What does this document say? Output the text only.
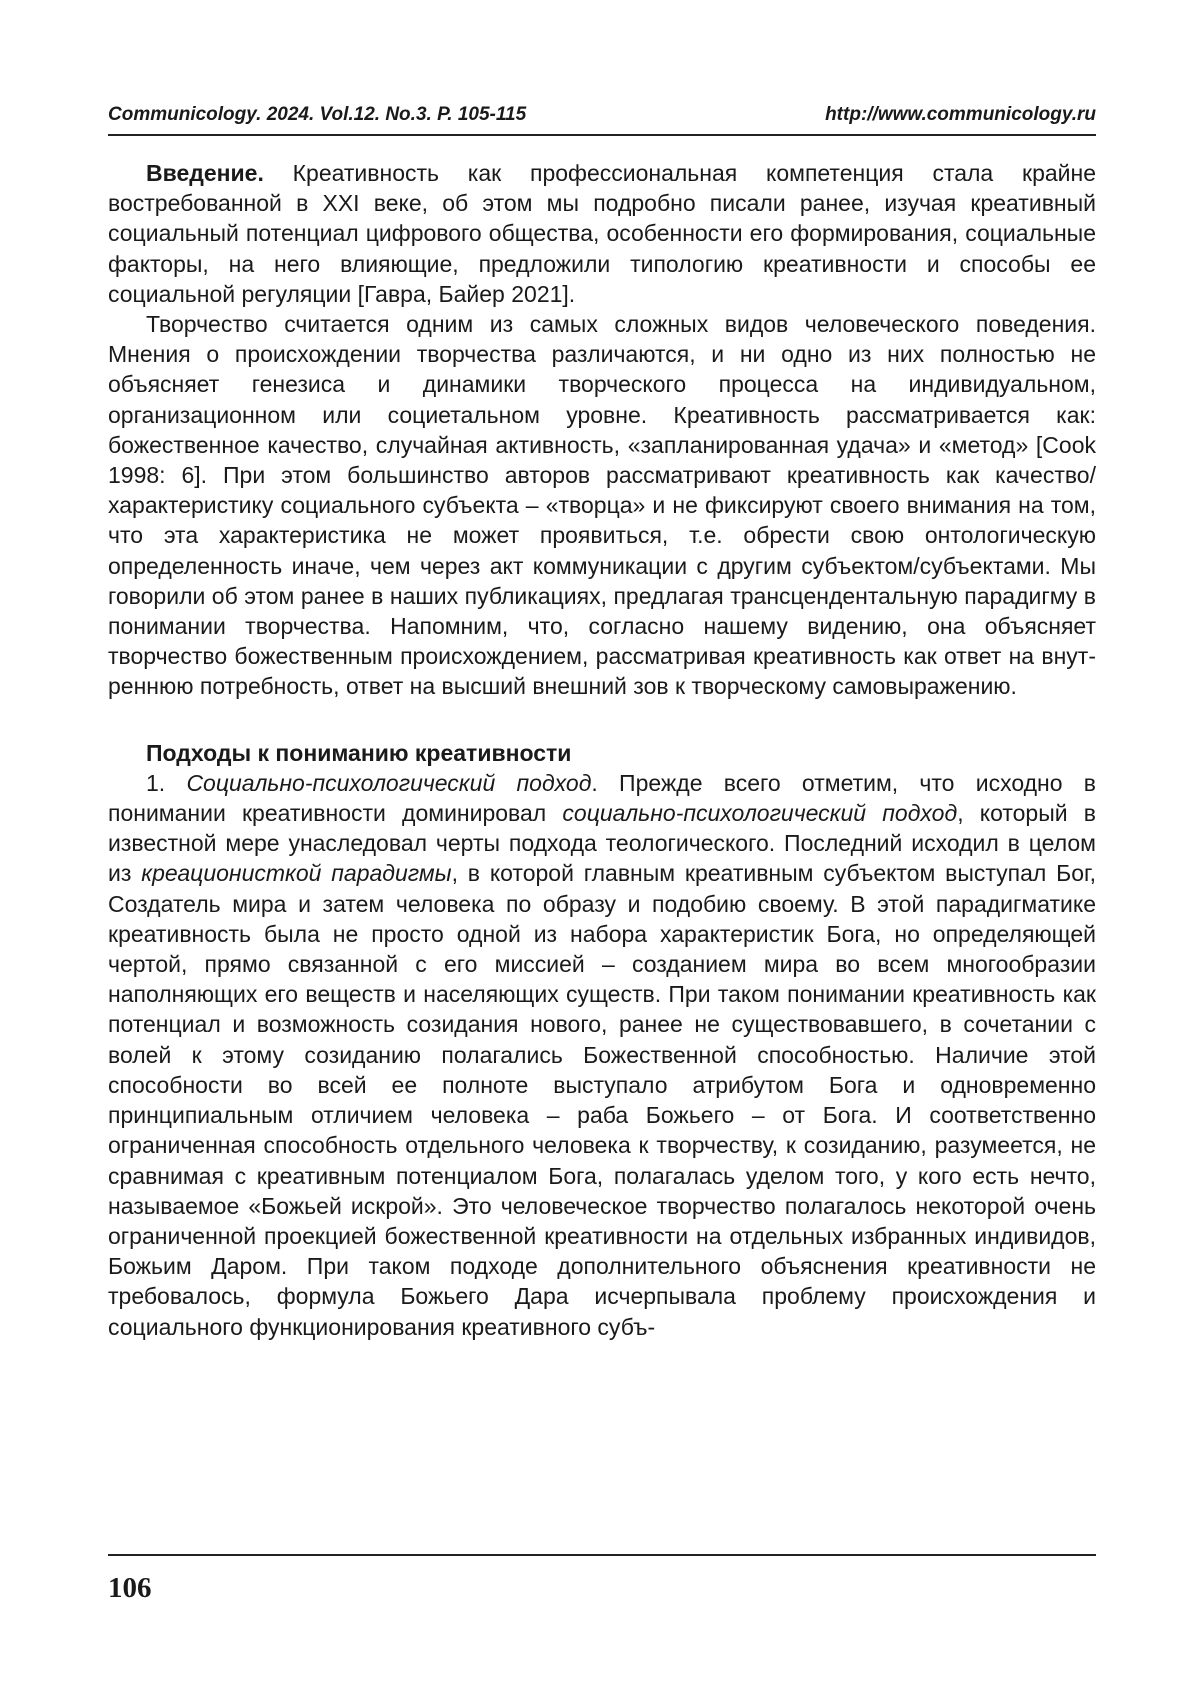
Communicology. 2024. Vol.12. No.3. P. 105-115	http://www.communicology.ru

Введение. Креативность как профессиональная компетенция стала крайне востребованной в XXI веке, об этом мы подробно писали ранее, изучая креативный социальный потенциал цифрового общества, особенности его формирования, социальные факторы, на него влияющие, предложили типологию креативности и способы ее социальной регуляции [Гавра, Байер 2021].

Творчество считается одним из самых сложных видов человеческого поведения. Мнения о происхождении творчества различаются, и ни одно из них полностью не объясняет генезиса и динамики творческого процесса на индивидуальном, организационном или социетальном уровне. Креативность рассматривается как: божественное качество, случайная активность, «запланированная удача» и «метод» [Cook 1998: 6]. При этом большинство авторов рассматривают креативность как качество/характеристику социального субъекта – «творца» и не фиксируют своего внимания на том, что эта характеристика не может проявиться, т.е. обрести свою онтологическую определенность иначе, чем через акт коммуникации с другим субъектом/субъектами. Мы говорили об этом ранее в наших публикациях, предлагая трансцендентальную парадигму в понимании творчества. Напомним, что, согласно нашему видению, она объясняет творчество божественным происхождением, рассматривая креативность как ответ на внутреннюю потребность, ответ на высший внешний зов к творческому самовыражению.

Подходы к пониманию креативности

1. Социально-психологический подход. Прежде всего отметим, что исходно в понимании креативности доминировал социально-психологический подход, который в известной мере унаследовал черты подхода теологического. Последний исходил в целом из креационисткой парадигмы, в которой главным креативным субъектом выступал Бог, Создатель мира и затем человека по образу и подобию своему. В этой парадигматике креативность была не просто одной из набора характеристик Бога, но определяющей чертой, прямо связанной с его миссией – созданием мира во всем многообразии наполняющих его веществ и населяющих существ. При таком понимании креативность как потенциал и возможность созидания нового, ранее не существовавшего, в сочетании с волей к этому созиданию полагались Божественной способностью. Наличие этой способности во всей ее полноте выступало атрибутом Бога и одновременно принципиальным отличием человека – раба Божьего – от Бога. И соответственно ограниченная способность отдельного человека к творчеству, к созиданию, разумеется, не сравнимая с креативным потенциалом Бога, полагалась уделом того, у кого есть нечто, называемое «Божьей искрой». Это человеческое творчество полагалось некоторой очень ограниченной проекцией божественной креативности на отдельных избранных индивидов, Божьим Даром. При таком подходе дополнительного объяснения креативности не требовалось, формула Божьего Дара исчерпывала проблему происхождения и социального функционирования креативного субъ-

106
